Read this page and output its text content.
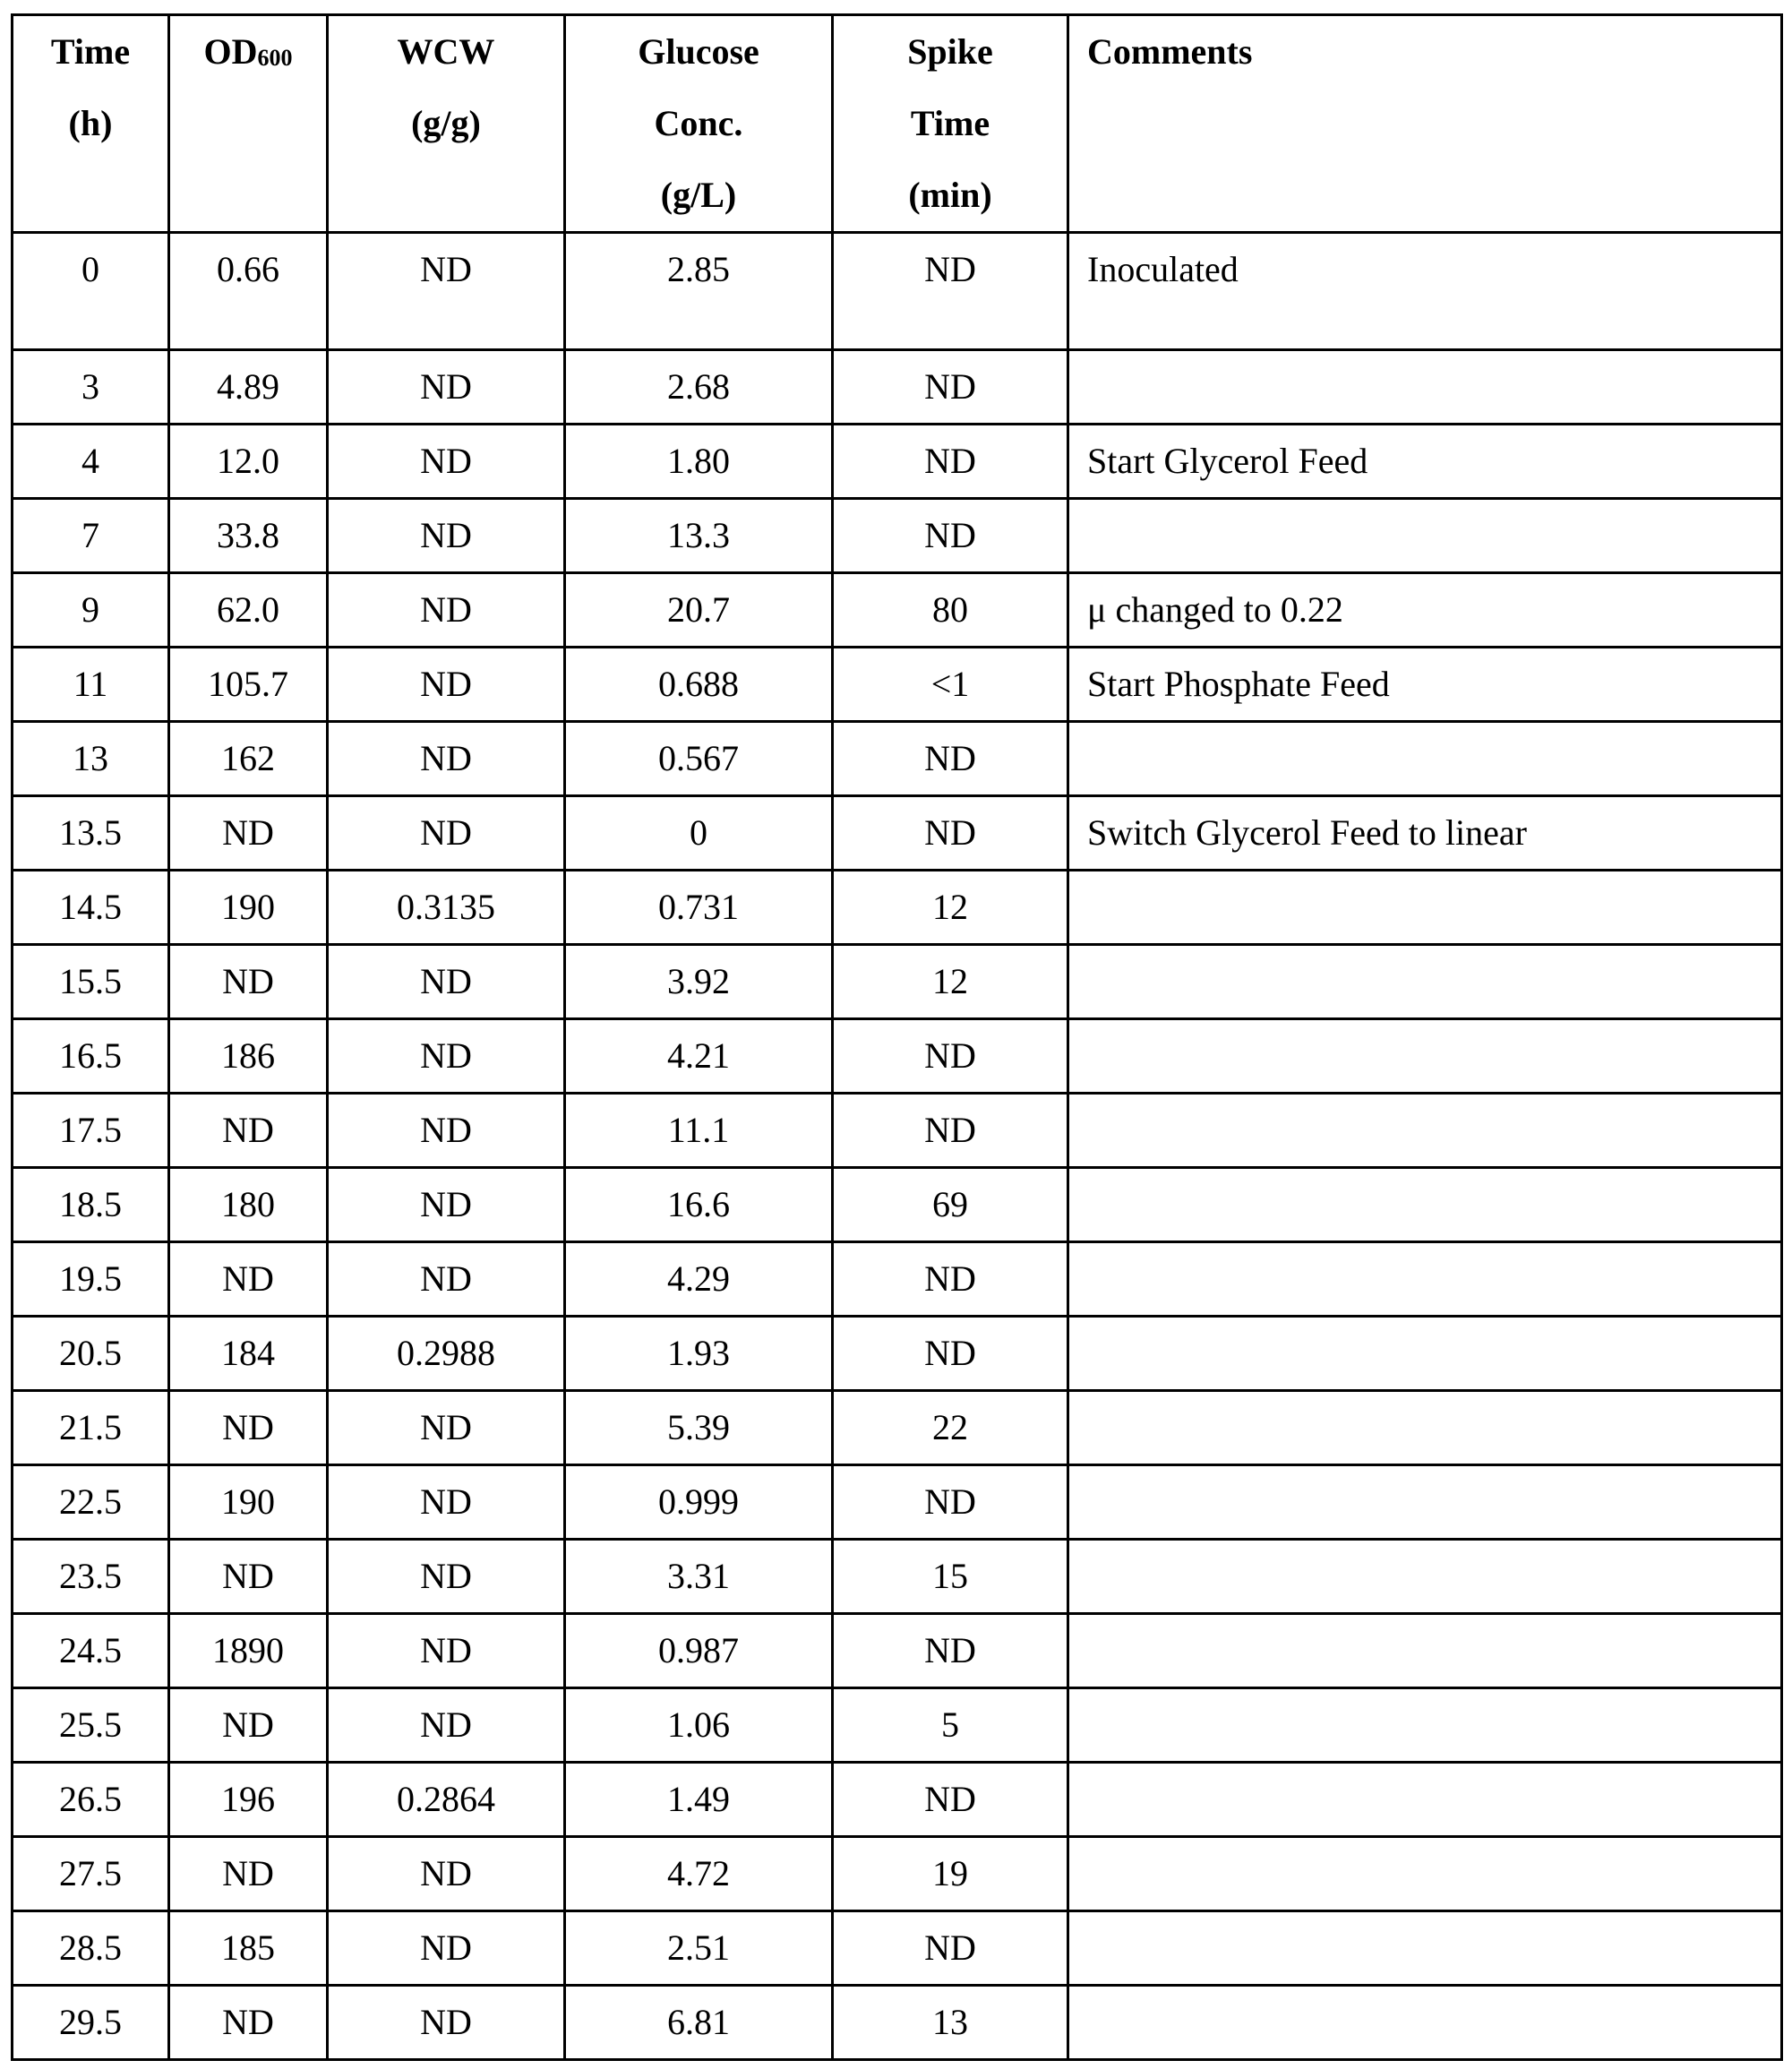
Time
(h)
	OD600	WCW
(g/g)

Glucose
Conc.
(g/L)

Spike
Time
(min)

Comments

0	0.66	ND	2.85	ND	Inoculated
3	4.89	ND	2.68	ND	
4	12.0	ND	1.80	ND	Start Glycerol Feed
7	33.8	ND	13.3	ND	
9	62.0	ND	20.7	80	μ changed to 0.22
11	105.7	ND	0.688	<1	Start Phosphate Feed
13	162	ND	0.567	ND	
13.5	ND	ND	0	ND	Switch Glycerol Feed to linear
14.5	190	0.3135	0.731	12	
15.5	ND	ND	3.92	12	
16.5	186	ND	4.21	ND	
17.5	ND	ND	11.1	ND	
18.5	180	ND	16.6	69	
19.5	ND	ND	4.29	ND	
20.5	184	0.2988	1.93	ND	
21.5	ND	ND	5.39	22	
22.5	190	ND	0.999	ND	
23.5	ND	ND	3.31	15	
24.5	1890	ND	0.987	ND	
25.5	ND	ND	1.06	5	
26.5	196	0.2864	1.49	ND	
27.5	ND	ND	4.72	19	
28.5	185	ND	2.51	ND	
29.5	ND	ND	6.81	13	
